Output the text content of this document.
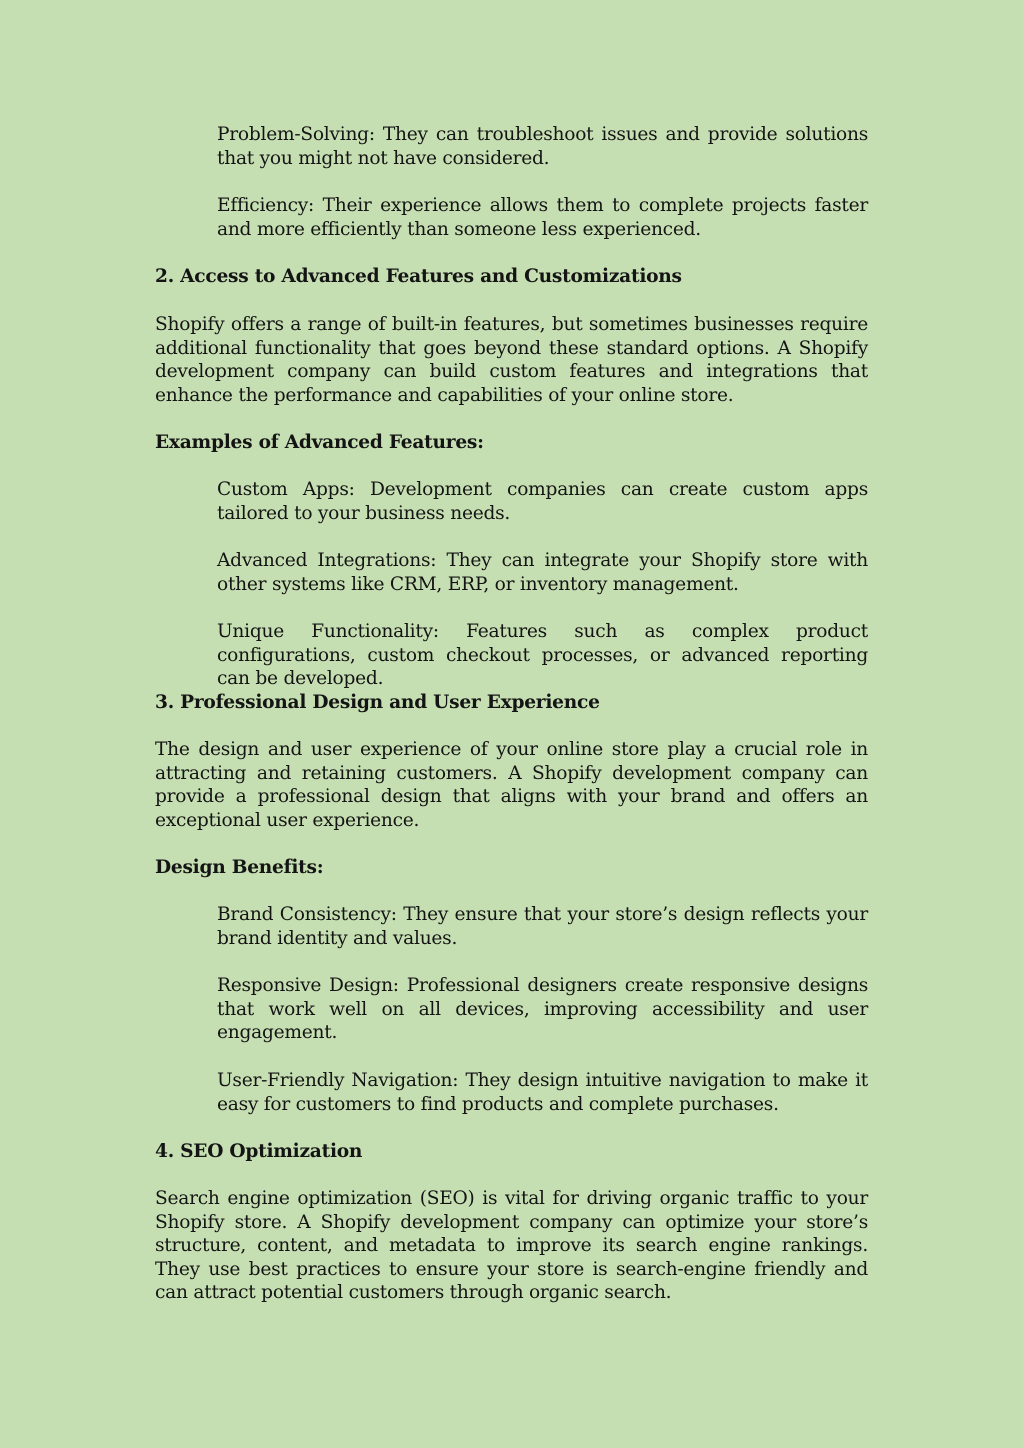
Problem-Solving: They can troubleshoot issues and provide solutions that you might not have considered.

Efficiency: Their experience allows them to complete projects faster and more efficiently than someone less experienced.

2. Access to Advanced Features and Customizations

Shopify offers a range of built-in features, but sometimes businesses require additional functionality that goes beyond these standard options. A Shopify development company can build custom features and integrations that enhance the performance and capabilities of your online store.

Examples of Advanced Features:

Custom Apps: Development companies can create custom apps tailored to your business needs.

Advanced Integrations: They can integrate your Shopify store with other systems like CRM, ERP, or inventory management.

Unique Functionality: Features such as complex product configurations, custom checkout processes, or advanced reporting can be developed.

3. Professional Design and User Experience

The design and user experience of your online store play a crucial role in attracting and retaining customers. A Shopify development company can provide a professional design that aligns with your brand and offers an exceptional user experience.

Design Benefits:

Brand Consistency: They ensure that your store’s design reflects your brand identity and values.

Responsive Design: Professional designers create responsive designs that work well on all devices, improving accessibility and user engagement.

User-Friendly Navigation: They design intuitive navigation to make it easy for customers to find products and complete purchases.

4. SEO Optimization

Search engine optimization (SEO) is vital for driving organic traffic to your Shopify store. A Shopify development company can optimize your store’s structure, content, and metadata to improve its search engine rankings. They use best practices to ensure your store is search-engine friendly and can attract potential customers through organic search.
